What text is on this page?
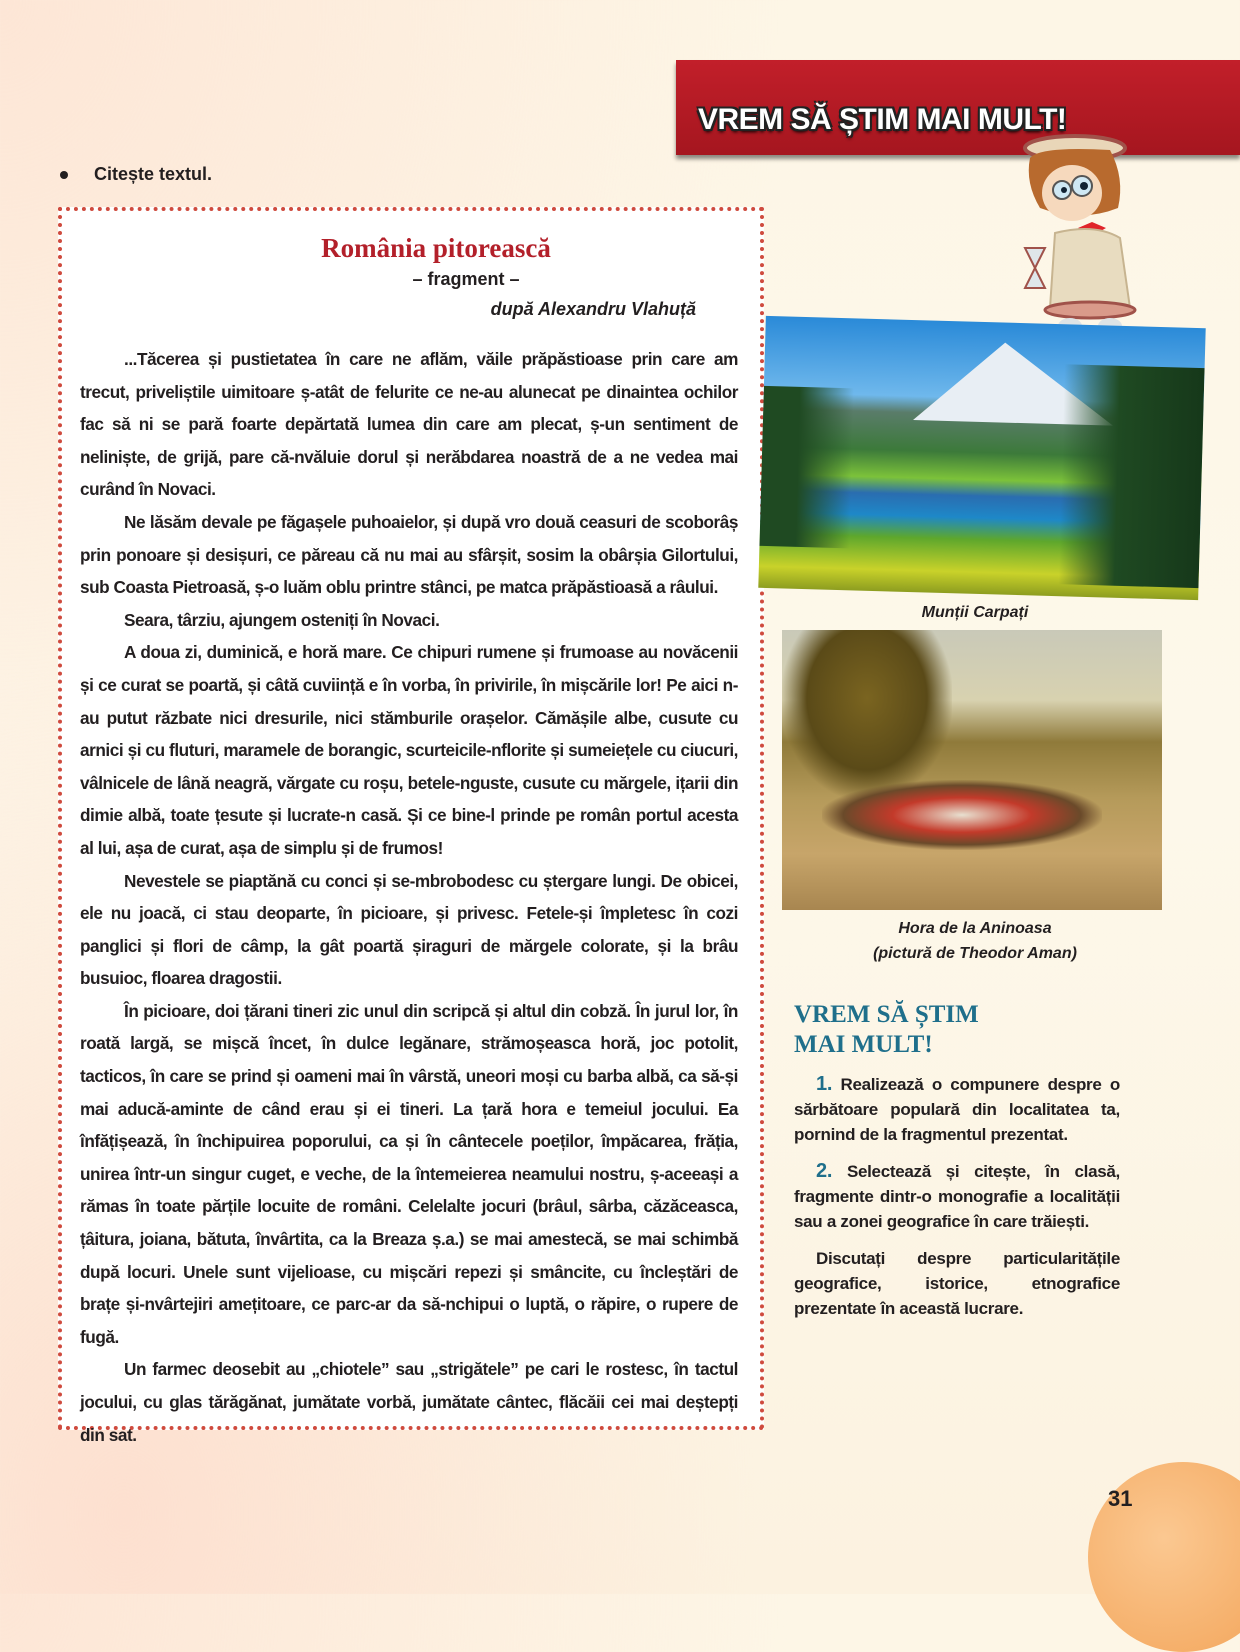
VREM SĂ ȘTIM MAI MULT!
Citește textul.
România pitorească
– fragment –
după Alexandru Vlahuță

...Tăcerea și pustietatea în care ne aflăm, văile prăpăstioase prin care am trecut, priveliștile uimitoare ș-atât de felurite ce ne-au alunecat pe dinaintea ochilor fac să ni se pară foarte depărtată lumea din care am plecat, ș-un sentiment de neliniște, de grijă, pare că-nvăluie dorul și nerăbdarea noastră de a ne vedea mai curând în Novaci.

Ne lăsăm devale pe făgașele puhoaielor, și după vro două ceasuri de scoborâș prin ponoare și desișuri, ce păreau că nu mai au sfârșit, sosim la obârșia Gilortului, sub Coasta Pietroasă, ș-o luăm oblu printre stânci, pe matca prăpăstioasă a râului.

Seara, târziu, ajungem osteniți în Novaci.

A doua zi, duminică, e horă mare. Ce chipuri rumene și frumoase au novăcenii și ce curat se poartă, și câtă cuviință e în vorba, în privirile, în mișcările lor! Pe aici n-au putut răzbate nici dresurile, nici stămburile orașelor. Cămășile albe, cusute cu arnici și cu fluturi, maramele de borangic, scurteicile-nflorite și sumeiețele cu ciucuri, vâlnicele de lână neagră, vărgate cu roșu, betele-nguste, cusute cu mărgele, ițarii din dimie albă, toate țesute și lucrate-n casă. Și ce bine-l prinde pe român portul acesta al lui, așa de curat, așa de simplu și de frumos!

Nevestele se piaptănă cu conci și se-mbrobodesc cu ștergare lungi. De obicei, ele nu joacă, ci stau deoparte, în picioare, și privesc. Fetele-și împletesc în cozi panglici și flori de câmp, la gât poartă șiraguri de mărgele colorate, și la brâu busuioc, floarea dragostii.

În picioare, doi țărani tineri zic unul din scripcă și altul din cobză. În jurul lor, în roată largă, se mișcă încet, în dulce legănare, strămoșeasca horă, joc potolit, tacticos, în care se prind și oameni mai în vârstă, uneori moși cu barba albă, ca să-și mai aducă-aminte de când erau și ei tineri. La țară hora e temeiul jocului. Ea înfățișează, în închipuirea poporului, ca și în cântecele poeților, împăcarea, frăția, unirea într-un singur cuget, e veche, de la întemeierea neamului nostru, ș-aceeași a rămas în toate părțile locuite de români. Celelalte jocuri (brâul, sârba, căzăceasca, țâitura, joiana, bătuta, învârtita, ca la Breaza ș.a.) se mai amestecă, se mai schimbă după locuri. Unele sunt vijelioase, cu mișcări repezi și smâncite, cu încleștări de brațe și-nvârtejiri amețitoare, ce parc-ar da să-nchipui o luptă, o răpire, o rupere de fugă.

Un farmec deosebit au „chiotele” sau „strigătele” pe cari le rostesc, în tactul jocului, cu glas tărăgănat, jumătate vorbă, jumătate cântec, flăcăii cei mai deștepți din sat.

Munții Carpați
Hora de la Aninoasa
(pictură de Theodor Aman)
VREM SĂ ȘTIM
MAI MULT!

1. Realizează o compunere despre o sărbătoare populară din localitatea ta, pornind de la fragmentul prezentat.

2. Selectează și citește, în clasă, fragmente dintr-o monografie a localității sau a zonei geografice în care trăiești.

Discutați despre particularitățile geografice, istorice, etnografice prezentate în această lucrare.

31
